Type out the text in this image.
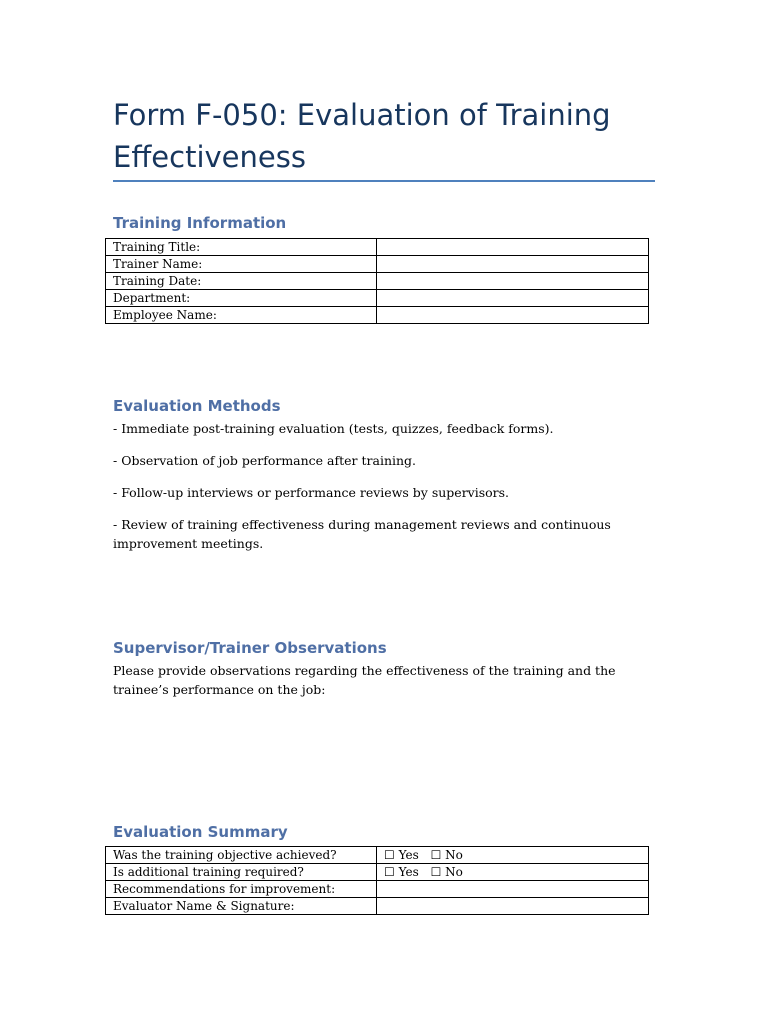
Form F-050: Evaluation of Training Effectiveness
Training Information
Training Title:	
Trainer Name:	
Training Date:	
Department:	
Employee Name:	
Evaluation Methods

- Immediate post-training evaluation (tests, quizzes, feedback forms).

- Observation of job performance after training.

- Follow-up interviews or performance reviews by supervisors.

- Review of training effectiveness during management reviews and continuous improvement meetings.

Supervisor/Trainer Observations

Please provide observations regarding the effectiveness of the training and the trainee’s performance on the job:

Evaluation Summary
Was the training objective achieved?	☐ Yes ☐ No
Is additional training required?	☐ Yes ☐ No
Recommendations for improvement:	
Evaluator Name & Signature:	
